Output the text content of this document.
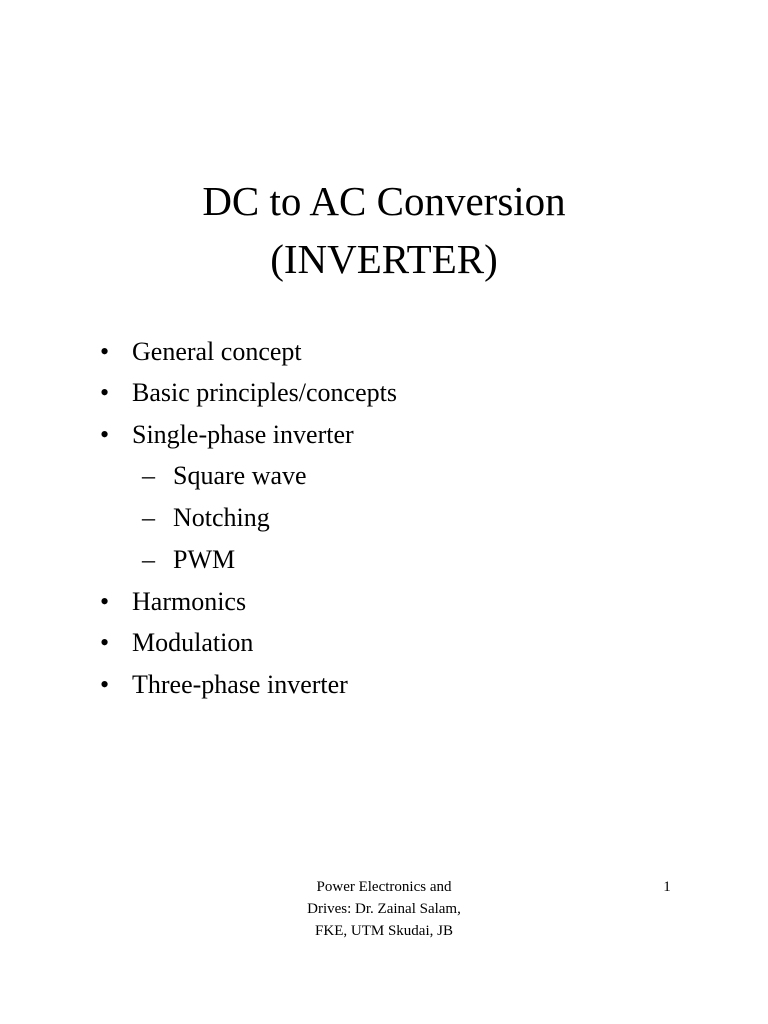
DC to AC Conversion
(INVERTER)
• General concept
• Basic principles/concepts
• Single-phase inverter
– Square wave
– Notching
– PWM
• Harmonics
• Modulation
• Three-phase inverter
Power Electronics and
Drives: Dr. Zainal Salam,
FKE, UTM Skudai, JB
1
